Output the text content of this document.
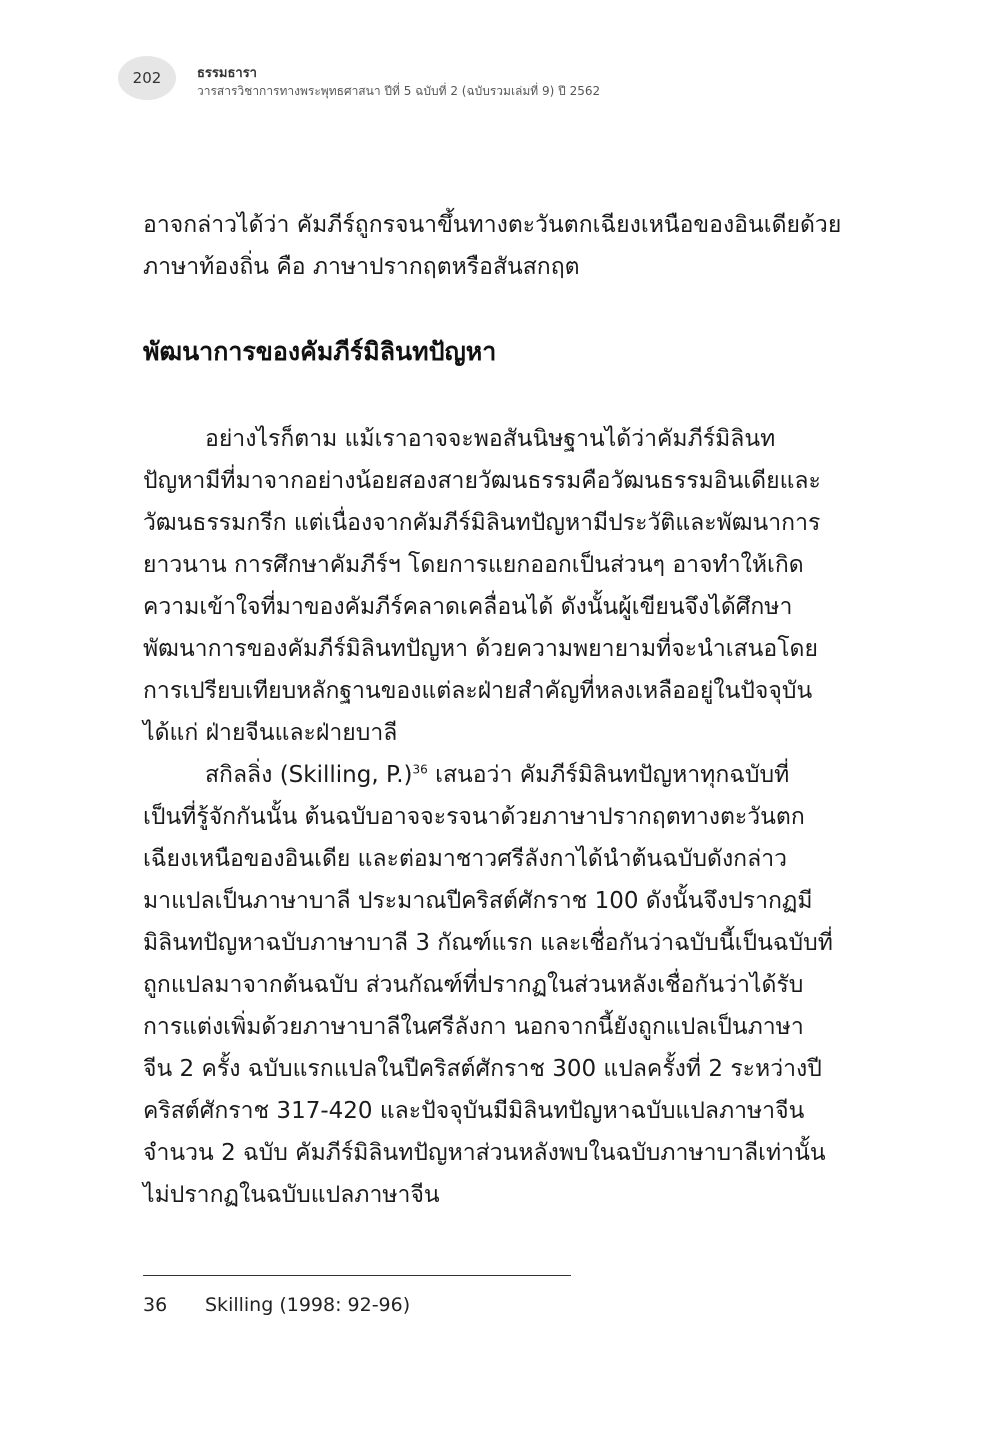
202	ธรรมธารา
วารสารวิชาการทางพระพุทธศาสนา ปีที่ 5 ฉบับที่ 2 (ฉบับรวมเล่มที่ 9) ปี 2562
อาจกล่าวได้ว่า คัมภีร์ถูกรจนาขึ้นทางตะวันตกเฉียงเหนือของอินเดียด้วย
ภาษาท้องถิ่น คือ ภาษาปรากฤตหรือสันสกฤต
พัฒนาการของคัมภีร์มิลินทปัญหา
อย่างไรก็ตาม แม้เราอาจจะพอสันนิษฐานได้ว่าคัมภีร์มิลินท
ปัญหามีที่มาจากอย่างน้อยสองสายวัฒนธรรมคือวัฒนธรรมอินเดียและ
วัฒนธรรมกรีก แต่เนื่องจากคัมภีร์มิลินทปัญหามีประวัติและพัฒนาการ
ยาวนาน การศึกษาคัมภีร์ฯ โดยการแยกออกเป็นส่วนๆ อาจทำให้เกิด
ความเข้าใจที่มาของคัมภีร์คลาดเคลื่อนได้ ดังนั้นผู้เขียนจึงได้ศึกษา
พัฒนาการของคัมภีร์มิลินทปัญหา ด้วยความพยายามที่จะนำเสนอโดย
การเปรียบเทียบหลักฐานของแต่ละฝ่ายสำคัญที่หลงเหลืออยู่ในปัจจุบัน
ได้แก่ ฝ่ายจีนและฝ่ายบาลี
สกิลลิ่ง (Skilling, P.)$^{36}$ เสนอว่า คัมภีร์มิลินทปัญหาทุกฉบับที่
เป็นที่รู้จักกันนั้น ต้นฉบับอาจจะรจนาด้วยภาษาปรากฤตทางตะวันตก
เฉียงเหนือของอินเดีย และต่อมาชาวศรีลังกาได้นำต้นฉบับดังกล่าว
มาแปลเป็นภาษาบาลี ประมาณปีคริสต์ศักราช 100 ดังนั้นจึงปรากฏมี
มิลินทปัญหาฉบับภาษาบาลี 3 กัณฑ์แรก และเชื่อกันว่าฉบับนี้เป็นฉบับที่
ถูกแปลมาจากต้นฉบับ ส่วนกัณฑ์ที่ปรากฏในส่วนหลังเชื่อกันว่าได้รับ
การแต่งเพิ่มด้วยภาษาบาลีในศรีลังกา นอกจากนี้ยังถูกแปลเป็นภาษา
จีน 2 ครั้ง ฉบับแรกแปลในปีคริสต์ศักราช 300 แปลครั้งที่ 2 ระหว่างปี
คริสต์ศักราช 317-420 และปัจจุบันมีมิลินทปัญหาฉบับแปลภาษาจีน
จำนวน 2 ฉบับ คัมภีร์มิลินทปัญหาส่วนหลังพบในฉบับภาษาบาลีเท่านั้น
ไม่ปรากฏในฉบับแปลภาษาจีน
36 Skilling (1998: 92-96)
